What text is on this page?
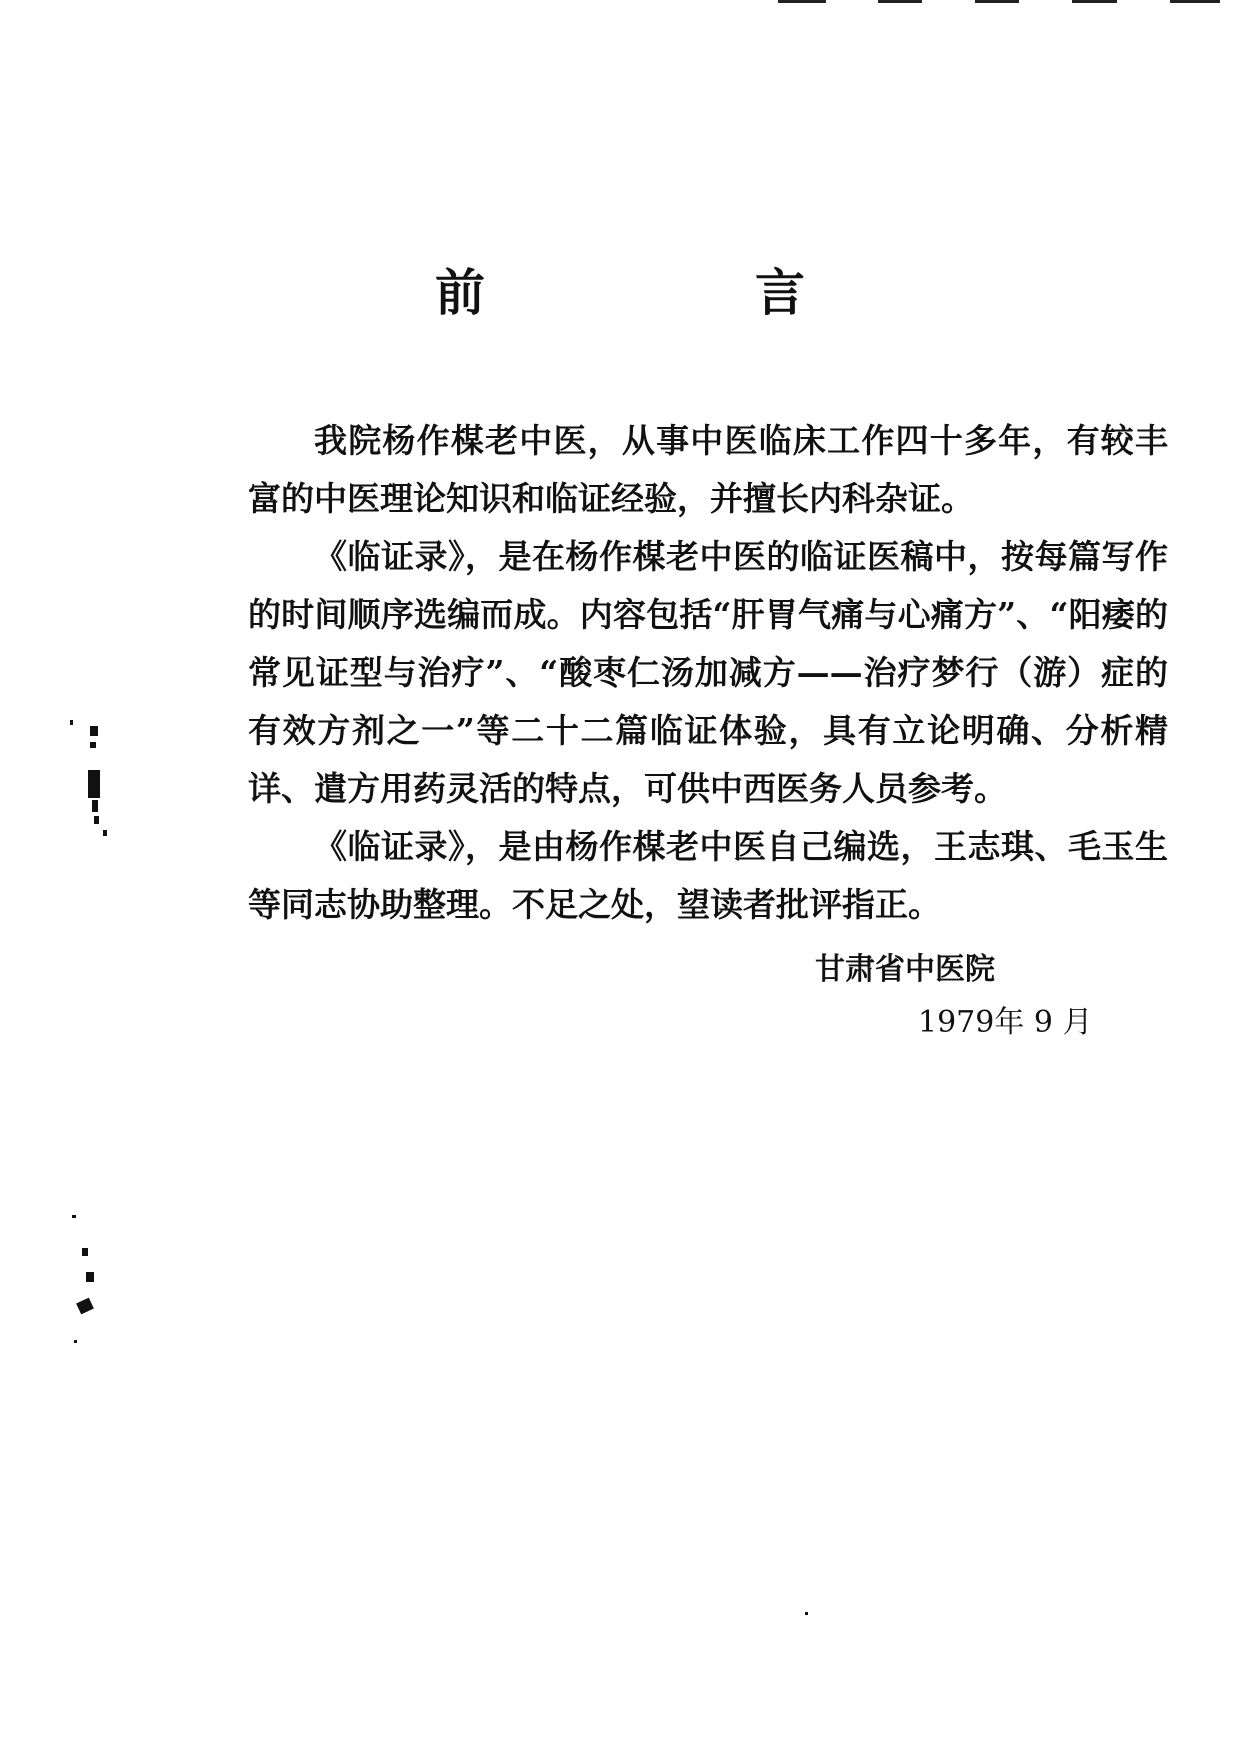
前　言

我院杨作楳老中医，从事中医临床工作四十多年，有较丰富的中医理论知识和临证经验，并擅长内科杂证。

《临证录》，是在杨作楳老中医的临证医稿中，按每篇写作的时间顺序选编而成。内容包括“肝胃气痛与心痛方”、“阳痿的常见证型与治疗”、“酸枣仁汤加减方——治疗梦行（游）症的有效方剂之一”等二十二篇临证体验，具有立论明确、分析精详、遣方用药灵活的特点，可供中西医务人员参考。

《临证录》，是由杨作楳老中医自己编选，王志琪、毛玉生等同志协助整理。不足之处，望读者批评指正。

甘肃省中医院
1979年 9 月
